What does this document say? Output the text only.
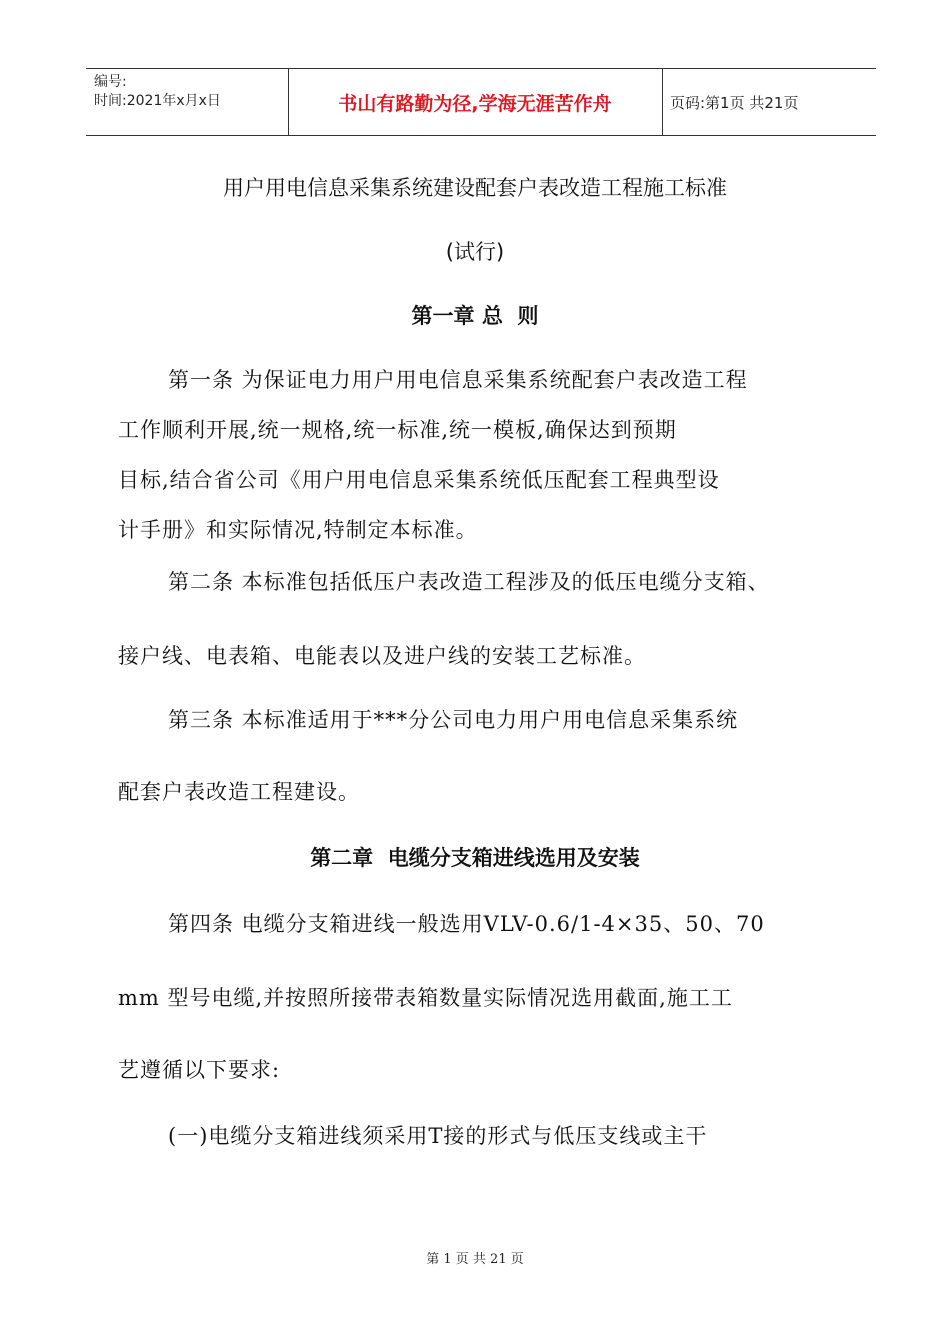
编号:
时间:2021年x月x日	书山有路勤为径,学海无涯苦作舟	页码:第1页 共21页
用户用电信息采集系统建设配套户表改造工程施工标准
(试行)
第一章 总  则
第一条 为保证电力用户用电信息采集系统配套户表改造工程
工作顺利开展,统一规格,统一标准,统一模板,确保达到预期
目标,结合省公司《用户用电信息采集系统低压配套工程典型设
计手册》和实际情况,特制定本标准。
第二条 本标准包括低压户表改造工程涉及的低压电缆分支箱、
接户线、电表箱、电能表以及进户线的安装工艺标准。
第三条 本标准适用于***分公司电力用户用电信息采集系统
配套户表改造工程建设。
第二章  电缆分支箱进线选用及安装
第四条 电缆分支箱进线一般选用VLV-0.6/1-4×35、50、70
mm 型号电缆,并按照所接带表箱数量实际情况选用截面,施工工
艺遵循以下要求:
(一)电缆分支箱进线须采用T接的形式与低压支线或主干
第 1 页 共 21 页
